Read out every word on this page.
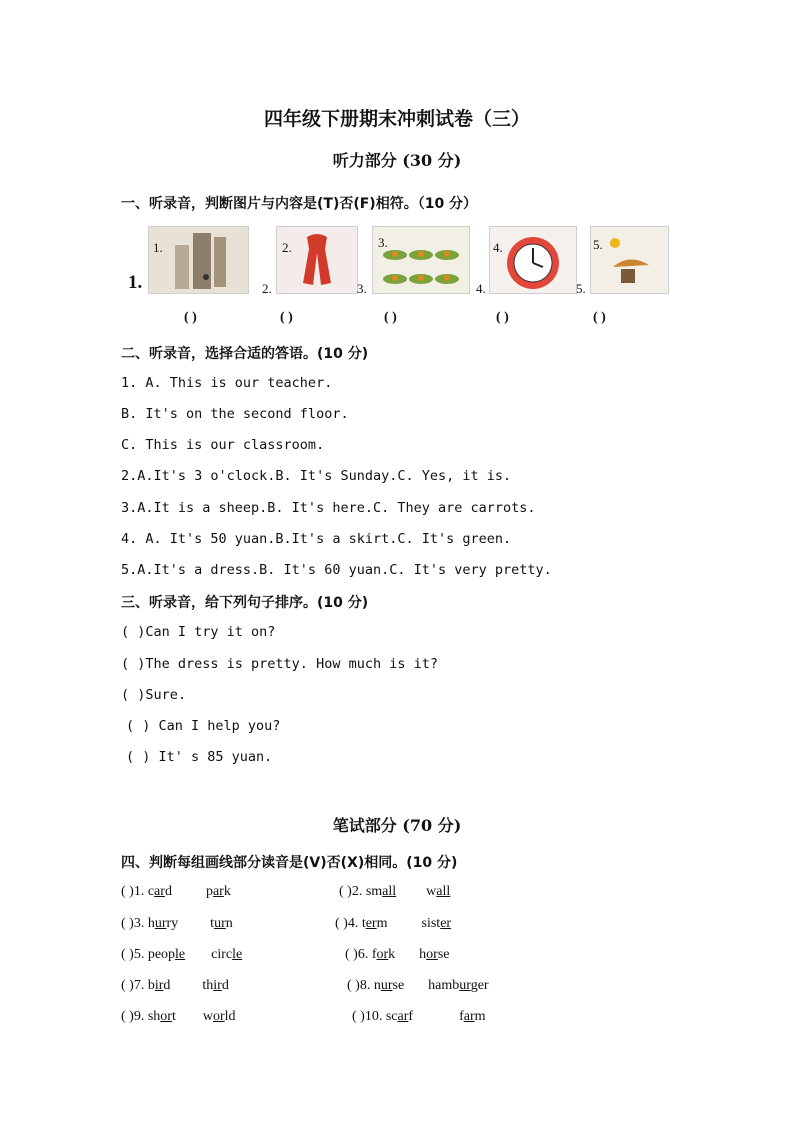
四年级下册期末冲刺试卷（三）
听力部分 (30 分)
一、听录音，判断图片与内容是(T)否(F)相符。（10 分）
1.
1.	2.	3.	4.	5.
2.	3.	4.	5.
( )	( )	( )	( )	( )
二、听录音，选择合适的答语。(10 分)
1. A. This is our teacher.
B. It's on the second floor.
C. This is our classroom.
2.A.It's 3 o'clock.B. It's Sunday.C. Yes, it is.
3.A.It is a sheep.B. It's here.C. They are carrots.
4. A. It's 50 yuan.B.It's a skirt.C. It's green.
5.A.It's a dress.B. It's 60 yuan.C. It's very pretty.
三、听录音，给下列句子排序。(10 分)
( )Can I try it on?
( )The dress is pretty. How much is it?
( )Sure.
( ) Can I help you?
( ) It' s 85 yuan.
笔试部分 (70 分)
四、判断每组画线部分读音是(V)否(X)相同。(10 分)
( )1. card park	( )2. small wall
( )3. hurry turn	( )4. term sister
( )5. people circle	( )6. fork horse
( )7. bird third	( )8. nurse hamburger
( )9. short world	( )10. scarf	farm
